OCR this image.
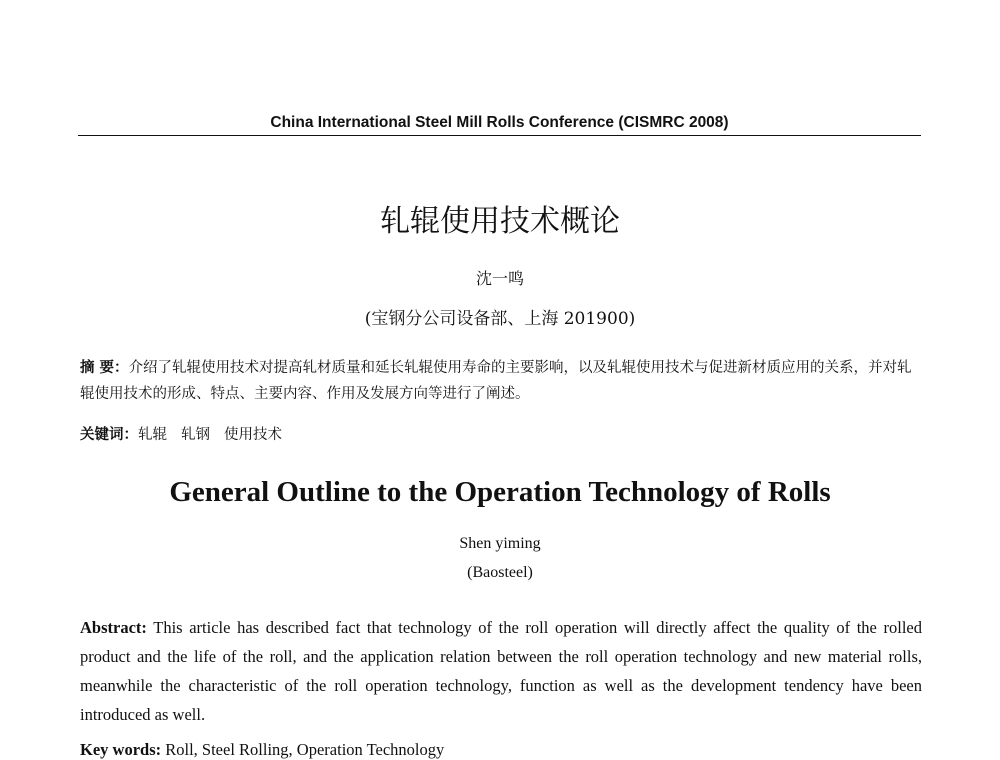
China International Steel Mill Rolls Conference (CISMRC 2008)
轧辊使用技术概论
沈一鸣
(宝钢分公司设备部、上海 201900)
摘 要：介绍了轧辊使用技术对提高轧材质量和延长轧辊使用寿命的主要影响，以及轧辊使用技术与促进新材质应用的关系，并对轧辊使用技术的形成、特点、主要内容、作用及发展方向等进行了阐述。
关键词：轧辊 轧钢 使用技术
General Outline to the Operation Technology of Rolls
Shen yiming
(Baosteel)
Abstract: This article has described fact that technology of the roll operation will directly affect the quality of the rolled product and the life of the roll, and the application relation between the roll operation technology and new material rolls, meanwhile the characteristic of the roll operation technology, function as well as the development tendency have been introduced as well.
Key words: Roll, Steel Rolling, Operation Technology
